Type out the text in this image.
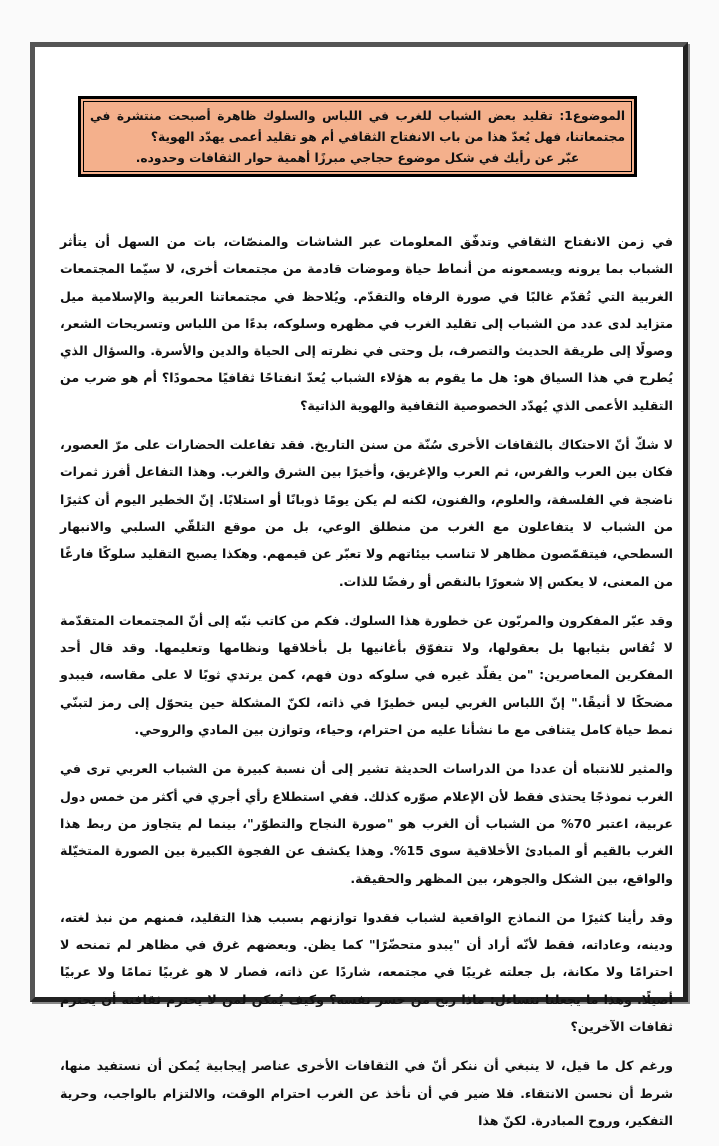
الموضوع1: تقليد بعض الشباب للغرب في اللباس والسلوك ظاهرة أصبحت منتشرة في مجتمعاتنا، فهل يُعدّ هذا من باب الانفتاح الثقافي أم هو تقليد أعمى يهدّد الهوية؟
عبّر عن رأيك في شكل موضوع حجاجي مبرزًا أهمية حوار الثقافات وحدوده.

في زمن الانفتاح الثقافي وتدفّق المعلومات عبر الشاشات والمنصّات، بات من السهل أن يتأثر الشباب بما يرونه ويسمعونه من أنماط حياة وموضات قادمة من مجتمعات أخرى، لا سيّما المجتمعات الغربية التي تُقدّم غالبًا في صورة الرفاه والتقدّم. ويُلاحظ في مجتمعاتنا العربية والإسلامية ميل متزايد لدى عدد من الشباب إلى تقليد الغرب في مظهره وسلوكه، بدءًا من اللباس وتسريحات الشعر، وصولًا إلى طريقة الحديث والتصرف، بل وحتى في نظرته إلى الحياة والدين والأسرة. والسؤال الذي يُطرح في هذا السياق هو: هل ما يقوم به هؤلاء الشباب يُعدّ انفتاحًا ثقافيًا محمودًا؟ أم هو ضرب من التقليد الأعمى الذي يُهدّد الخصوصية الثقافية والهوية الذاتية؟

لا شكّ أنّ الاحتكاك بالثقافات الأخرى سُنّة من سنن التاريخ. فقد تفاعلت الحضارات على مرّ العصور، فكان بين العرب والفرس، ثم العرب والإغريق، وأخيرًا بين الشرق والغرب. وهذا التفاعل أفرز ثمرات ناضجة في الفلسفة، والعلوم، والفنون، لكنه لم يكن يومًا ذوبانًا أو استلابًا. إنّ الخطير اليوم أن كثيرًا من الشباب لا يتفاعلون مع الغرب من منطلق الوعي، بل من موقع التلقّي السلبي والانبهار السطحي، فيتقمّصون مظاهر لا تناسب بيئاتهم ولا تعبّر عن قيمهم. وهكذا يصبح التقليد سلوكًا فارغًا من المعنى، لا يعكس إلا شعورًا بالنقص أو رفضًا للذات.

وقد عبّر المفكرون والمربّون عن خطورة هذا السلوك. فكم من كاتب نبّه إلى أنّ المجتمعات المتقدّمة لا تُقاس بثيابها بل بعقولها، ولا تتفوّق بأغانيها بل بأخلاقها ونظامها وتعليمها. وقد قال أحد المفكرين المعاصرين: "من يقلّد غيره في سلوكه دون فهم، كمن يرتدي ثوبًا لا على مقاسه، فيبدو مضحكًا لا أنيقًا." إنّ اللباس الغربي ليس خطيرًا في ذاته، لكنّ المشكلة حين يتحوّل إلى رمز لتبنّي نمط حياة كامل يتنافى مع ما نشأنا عليه من احترام، وحياء، وتوازن بين المادي والروحي.

والمثير للانتباه أن عددا من الدراسات الحديثة تشير إلى أن نسبة كبيرة من الشباب العربي ترى في الغرب نموذجًا يحتذى فقط لأن الإعلام صوّره كذلك. ففي استطلاع رأي أجري في أكثر من خمس دول عربية، اعتبر 70% من الشباب أن الغرب هو "صورة النجاح والتطوّر"، بينما لم يتجاوز من ربط هذا الغرب بالقيم أو المبادئ الأخلاقية سوى 15%. وهذا يكشف عن الفجوة الكبيرة بين الصورة المتخيّلة والواقع، بين الشكل والجوهر، بين المظهر والحقيقة.

وقد رأينا كثيرًا من النماذج الواقعية لشباب فقدوا توازنهم بسبب هذا التقليد، فمنهم من نبذ لغته، ودينه، وعاداته، فقط لأنّه أراد أن "يبدو متحضّرًا" كما يظن. وبعضهم غرق في مظاهر لم تمنحه لا احترامًا ولا مكانة، بل جعلته غريبًا في مجتمعه، شاردًا عن ذاته، فصار لا هو غربيًا تمامًا ولا عربيًا أصيلًا. وهذا ما يجعلنا نتساءل: ماذا ربح من خسر نفسه؟ وكيف يُمكن لمن لا يحترم ثقافته أن يحترم ثقافات الآخرين؟

ورغم كل ما قيل، لا ينبغي أن ننكر أنّ في الثقافات الأخرى عناصر إيجابية يُمكن أن نستفيد منها، شرط أن نحسن الانتقاء. فلا ضير في أن نأخذ عن الغرب احترام الوقت، والالتزام بالواجب، وحرية التفكير، وروح المبادرة. لكنّ هذا
